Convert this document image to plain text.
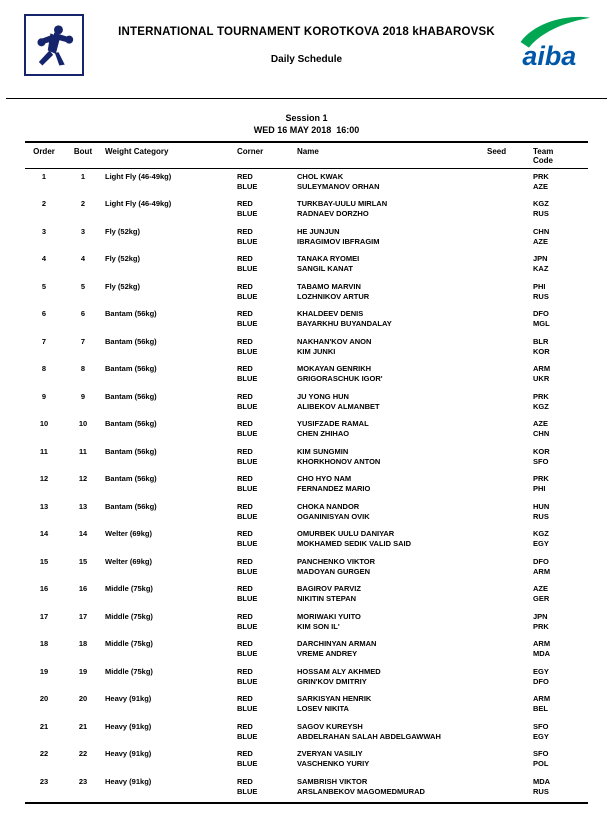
INTERNATIONAL TOURNAMENT KOROTKOVA 2018 kHABAROVSK
Daily Schedule	aiba
Session 1
WED 16 MAY 2018  16:00
Order	Bout	Weight Category	Corner	Name	Seed	Team
Code

1	1	Light Fly (46-49kg)	RED	CHOL KWAK		PRK
			BLUE	SULEYMANOV ORHAN		AZE
2	2	Light Fly (46-49kg)	RED	TURKBAY-UULU MIRLAN		KGZ
			BLUE	RADNAEV DORZHO		RUS
3	3	Fly (52kg)	RED	HE JUNJUN		CHN
			BLUE	IBRAGIMOV IBFRAGIM		AZE
4	4	Fly (52kg)	RED	TANAKA RYOMEI		JPN
			BLUE	SANGIL KANAT		KAZ
5	5	Fly (52kg)	RED	TABAMO MARVIN		PHI
			BLUE	LOZHNIKOV ARTUR		RUS
6	6	Bantam (56kg)	RED	KHALDEEV DENIS		DFO
			BLUE	BAYARKHU BUYANDALAY		MGL
7	7	Bantam (56kg)	RED	NAKHAN'KOV ANON		BLR
			BLUE	KIM JUNKI		KOR
8	8	Bantam (56kg)	RED	MOKAYAN GENRIKH		ARM
			BLUE	GRIGORASCHUK IGOR'		UKR
9	9	Bantam (56kg)	RED	JU YONG HUN		PRK
			BLUE	ALIBEKOV ALMANBET		KGZ
10	10	Bantam (56kg)	RED	YUSIFZADE RAMAL		AZE
			BLUE	CHEN ZHIHAO		CHN
11	11	Bantam (56kg)	RED	KIM SUNGMIN		KOR
			BLUE	KHORKHONOV ANTON		SFO
12	12	Bantam (56kg)	RED	CHO HYO NAM		PRK
			BLUE	FERNANDEZ MARIO		PHI
13	13	Bantam (56kg)	RED	CHOKA NANDOR		HUN
			BLUE	OGANINISYAN OVIK		RUS
14	14	Welter (69kg)	RED	OMURBEK UULU DANIYAR		KGZ
			BLUE	MOKHAMED SEDIK VALID SAID		EGY
15	15	Welter (69kg)	RED	PANCHENKO VIKTOR		DFO
			BLUE	MADOYAN GURGEN		ARM
16	16	Middle (75kg)	RED	BAGIROV PARVIZ		AZE
			BLUE	NIKITIN STEPAN		GER
17	17	Middle (75kg)	RED	MORIWAKI YUITO		JPN
			BLUE	KIM SON IL'		PRK
18	18	Middle (75kg)	RED	DARCHINYAN ARMAN		ARM
			BLUE	VREME ANDREY		MDA
19	19	Middle (75kg)	RED	HOSSAM ALY AKHMED		EGY
			BLUE	GRIN'KOV DMITRIY		DFO
20	20	Heavy (91kg)	RED	SARKISYAN HENRIK		ARM
			BLUE	LOSEV NIKITA		BEL
21	21	Heavy (91kg)	RED	SAGOV KUREYSH		SFO
			BLUE	ABDELRAHAN SALAH ABDELGAWWAH		EGY
22	22	Heavy (91kg)	RED	ZVERYAN VASILIY		SFO
			BLUE	VASCHENKO YURIY		POL
23	23	Heavy (91kg)	RED	SAMBRISH VIKTOR		MDA
			BLUE	ARSLANBEKOV MAGOMEDMURAD		RUS
